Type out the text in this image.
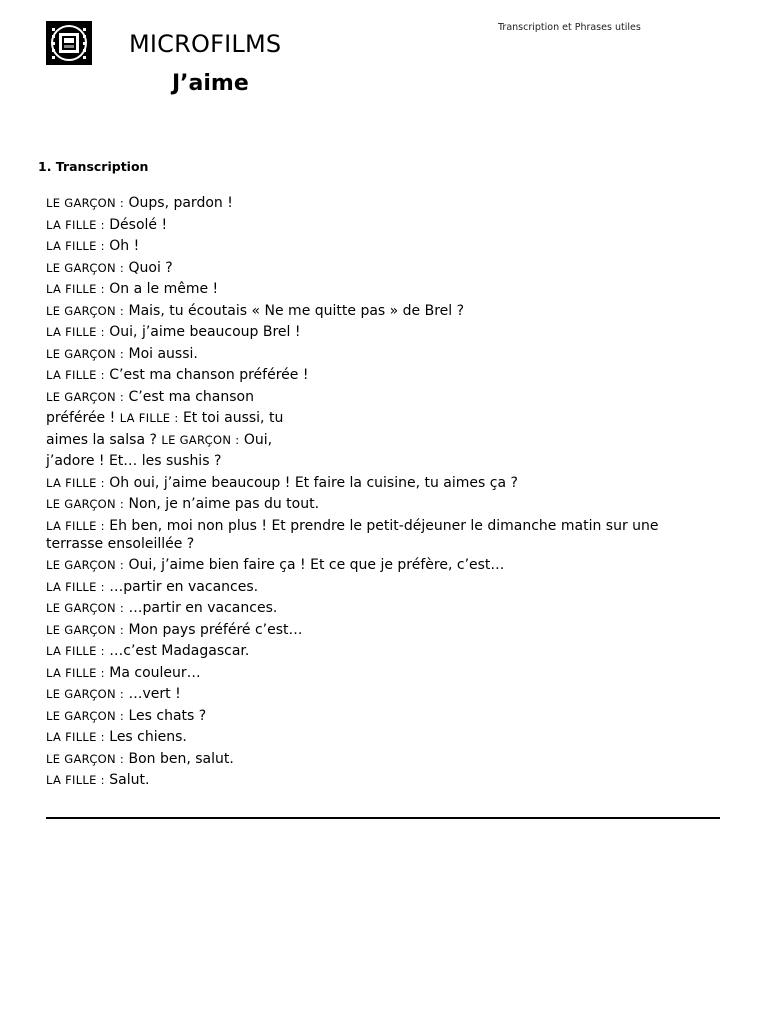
MICROFILMS
J’aime
Transcription et Phrases utiles
1. Transcription
LE GARÇON : Oups, pardon !
LA FILLE : Désolé !
LA FILLE : Oh !
LE GARÇON : Quoi ?
LA FILLE : On a le même !
LE GARÇON : Mais, tu écoutais « Ne me quitte pas » de Brel ?
LA FILLE : Oui, j’aime beaucoup Brel !
LE GARÇON : Moi aussi.
LA FILLE : C’est ma chanson préférée !
LE GARÇON : C’est ma chanson
préférée ! LA FILLE : Et toi aussi, tu
aimes la salsa ? LE GARÇON : Oui,
j’adore ! Et… les sushis ?
LA FILLE : Oh oui, j’aime beaucoup ! Et faire la cuisine, tu aimes ça ?
LE GARÇON : Non, je n’aime pas du tout.
LA FILLE : Eh ben, moi non plus ! Et prendre le petit-déjeuner le dimanche matin sur une terrasse ensoleillée ?
LE GARÇON : Oui, j’aime bien faire ça ! Et ce que je préfère, c’est…
LA FILLE : …partir en vacances.
LE GARÇON : …partir en vacances.
LE GARÇON : Mon pays préféré c’est…
LA FILLE : …c’est Madagascar.
LA FILLE : Ma couleur…
LE GARÇON : …vert !
LE GARÇON : Les chats ?
LA FILLE : Les chiens.
LE GARÇON : Bon ben, salut.
LA FILLE : Salut.
